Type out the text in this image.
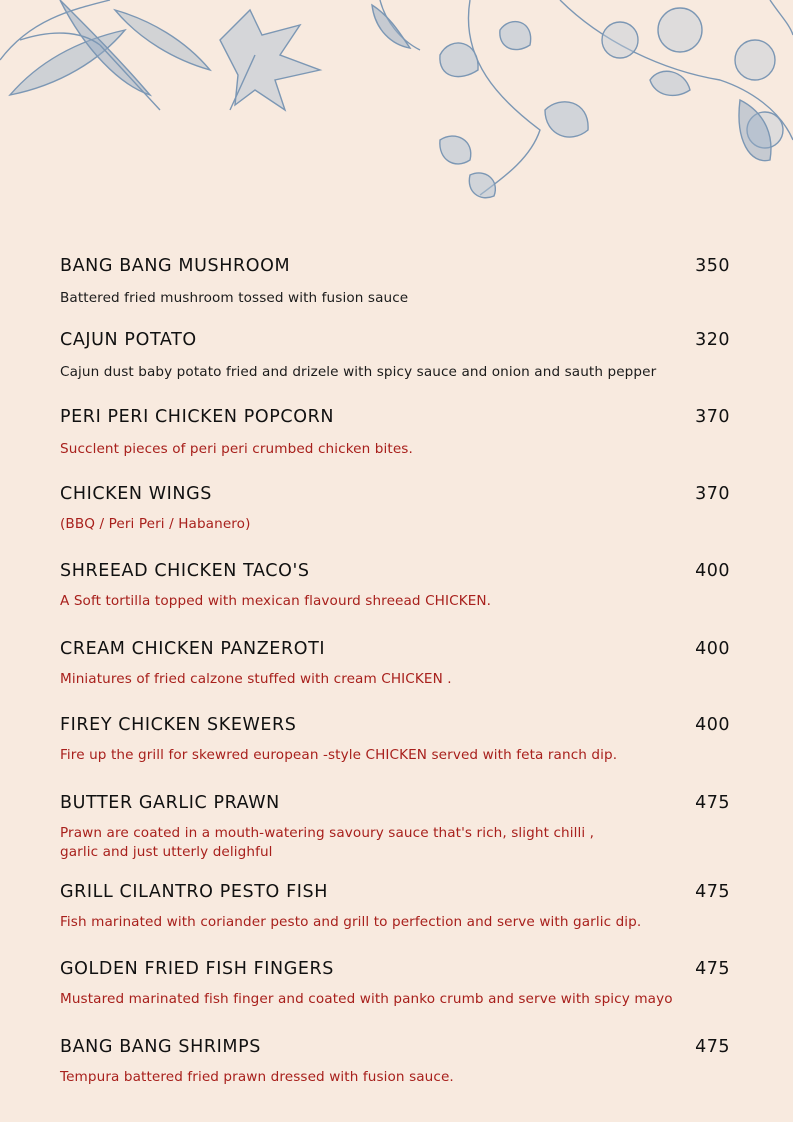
BANG BANG MUSHROOM	350
Battered fried mushroom tossed with fusion sauce
CAJUN POTATO	320
Cajun dust baby potato fried and drizele with spicy sauce and onion and sauth pepper
PERI PERI CHICKEN POPCORN	370
Succlent pieces of peri peri crumbed chicken bites.
CHICKEN WINGS	370
(BBQ / Peri Peri / Habanero)
SHREEAD CHICKEN TACO'S	400
A Soft tortilla topped with mexican flavourd shreead CHICKEN.
CREAM CHICKEN PANZEROTI	400
Miniatures of fried calzone stuffed with cream CHICKEN .
FIREY CHICKEN SKEWERS	400
Fire up the grill for skewred european -style CHICKEN served with feta ranch dip.
BUTTER GARLIC PRAWN	475
Prawn are coated in a mouth-watering savoury sauce that's rich, slight chilli ,
garlic and just utterly delighful
GRILL CILANTRO PESTO FISH	475
Fish marinated with coriander pesto and grill to perfection and serve with garlic dip.
GOLDEN FRIED FISH FINGERS	475
Mustared marinated fish finger and coated with panko crumb and serve with spicy mayo
BANG BANG SHRIMPS	475
Tempura battered fried prawn dressed with fusion sauce.
